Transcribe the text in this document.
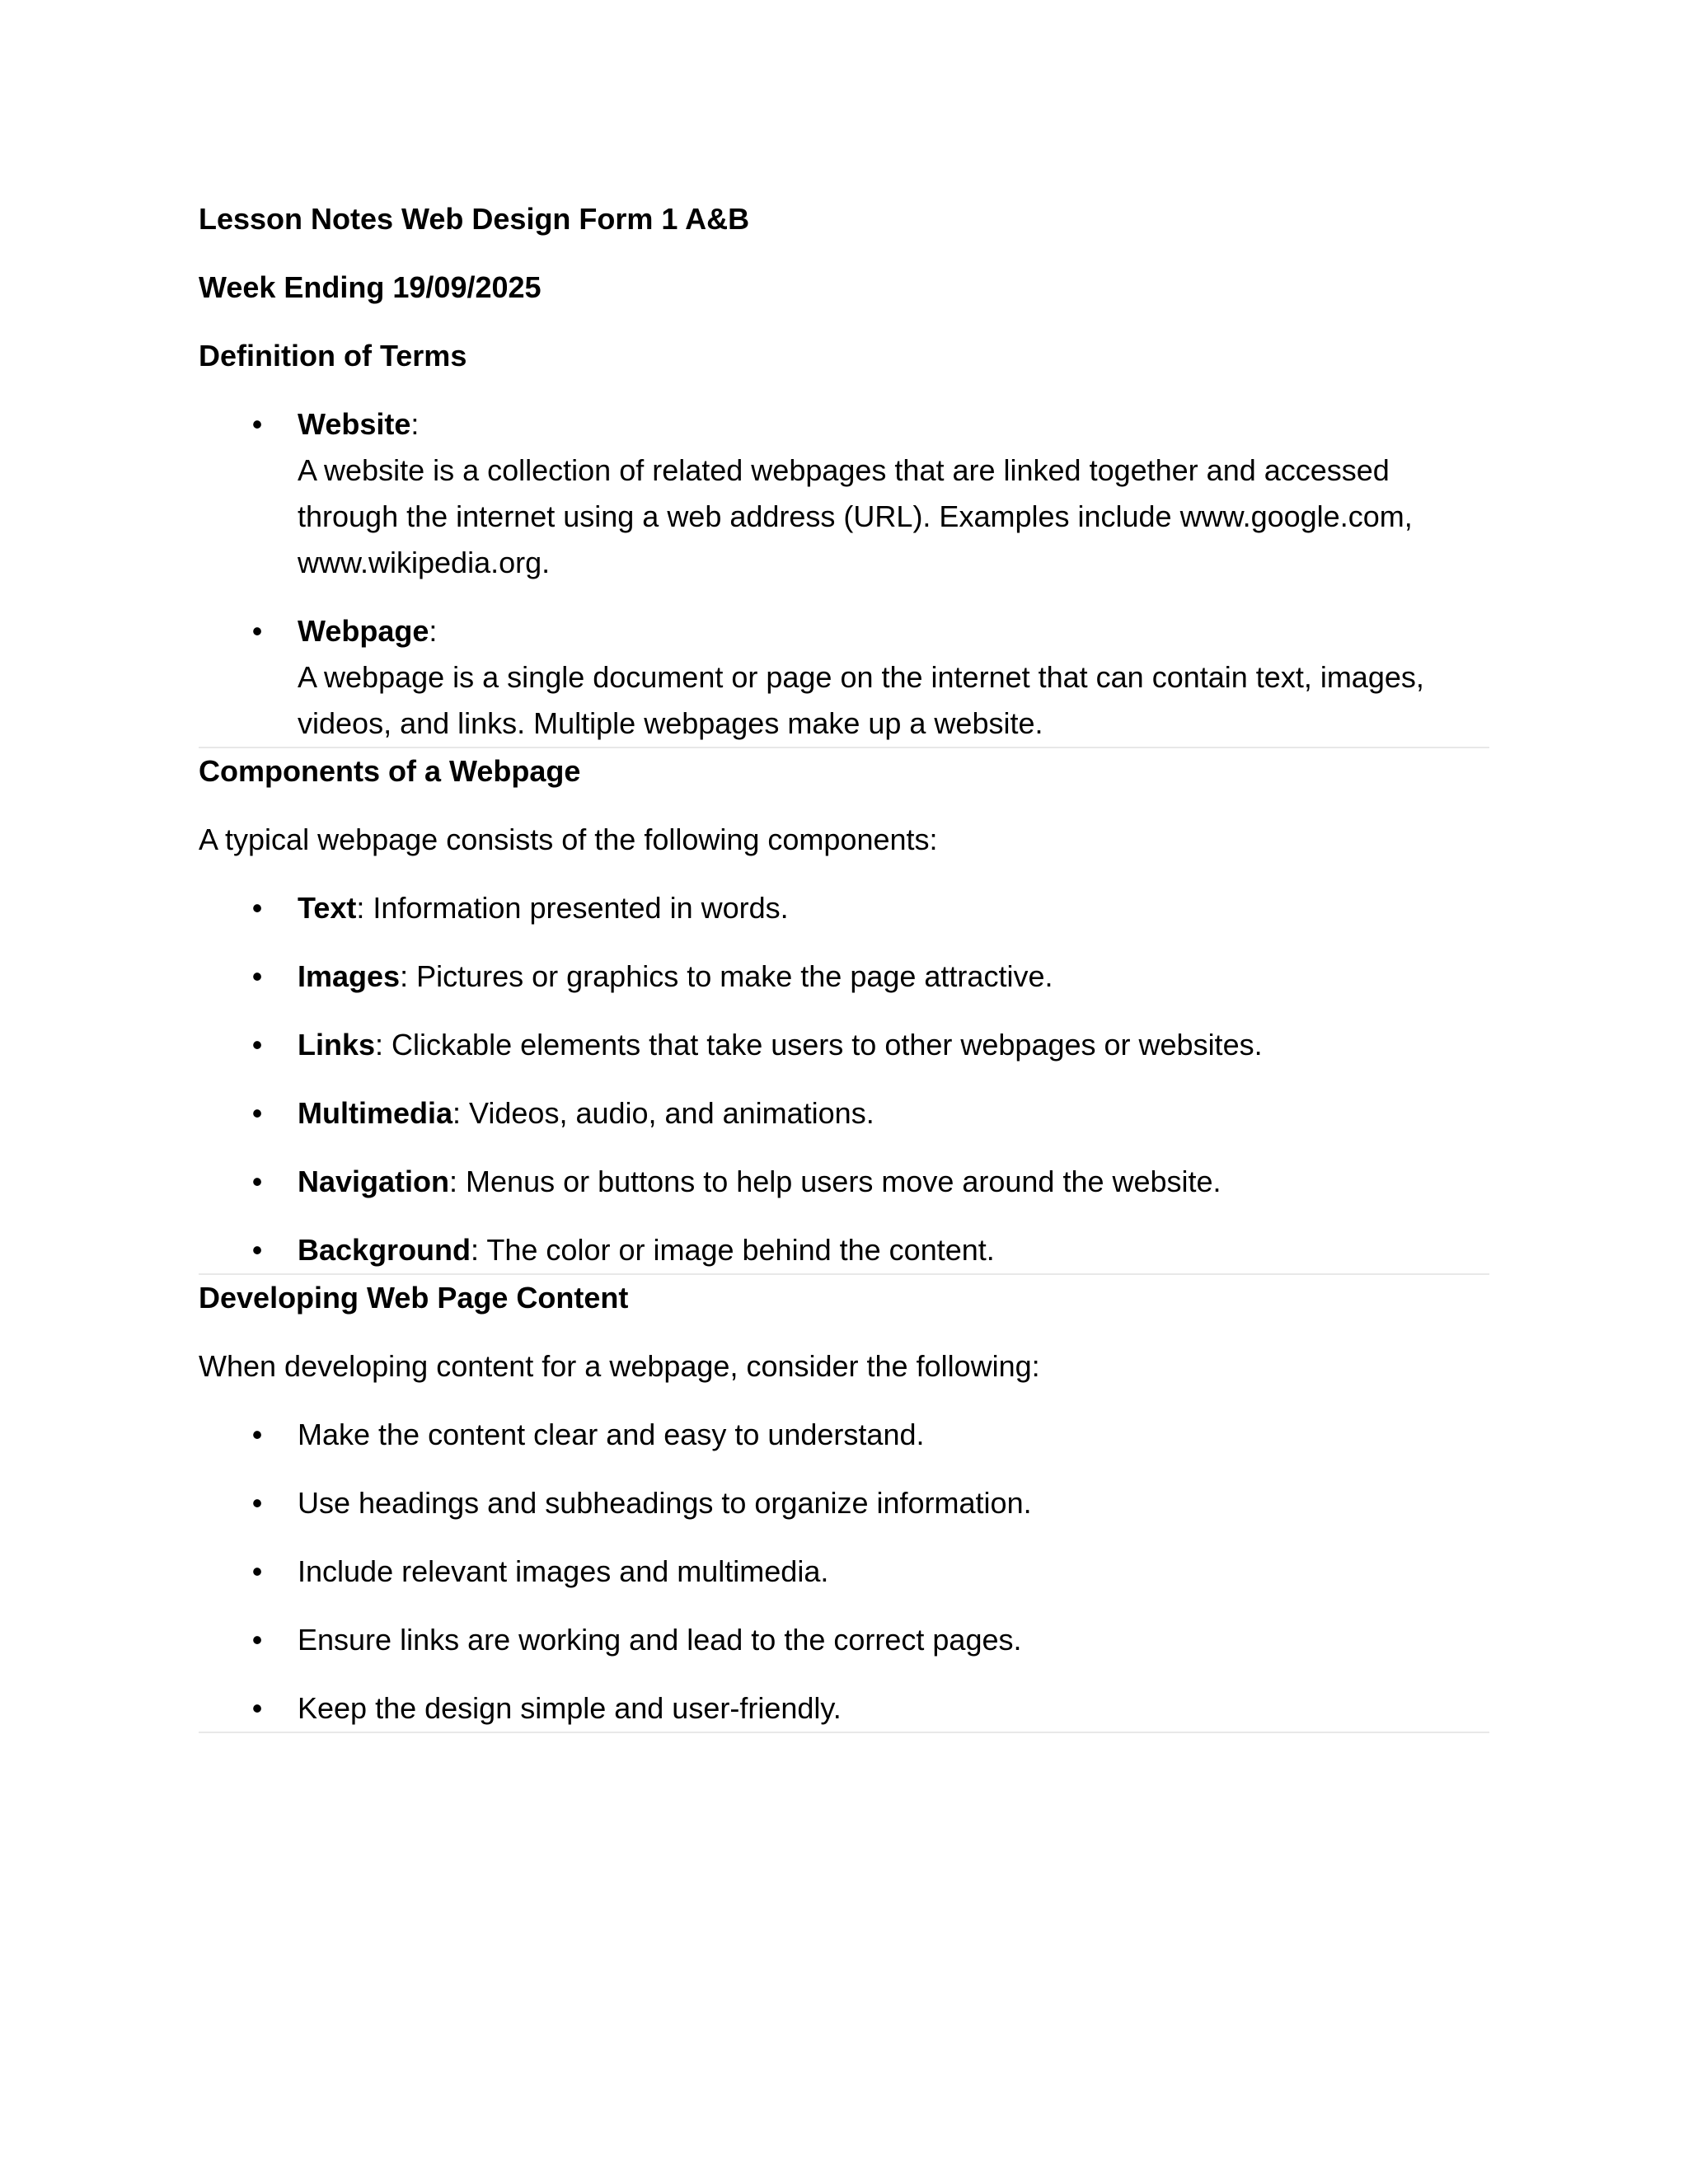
Lesson Notes Web Design Form 1 A&B

Week Ending 19/09/2025

Definition of Terms

• Website:
A website is a collection of related webpages that are linked together and accessed through the internet using a web address (URL). Examples include www.google.com, www.wikipedia.org.
• Webpage:
A webpage is a single document or page on the internet that can contain text, images, videos, and links. Multiple webpages make up a website.

Components of a Webpage

A typical webpage consists of the following components:

• Text: Information presented in words.
• Images: Pictures or graphics to make the page attractive.
• Links: Clickable elements that take users to other webpages or websites.
• Multimedia: Videos, audio, and animations.
• Navigation: Menus or buttons to help users move around the website.
• Background: The color or image behind the content.

Developing Web Page Content

When developing content for a webpage, consider the following:

• Make the content clear and easy to understand.
• Use headings and subheadings to organize information.
• Include relevant images and multimedia.
• Ensure links are working and lead to the correct pages.
• Keep the design simple and user-friendly.
